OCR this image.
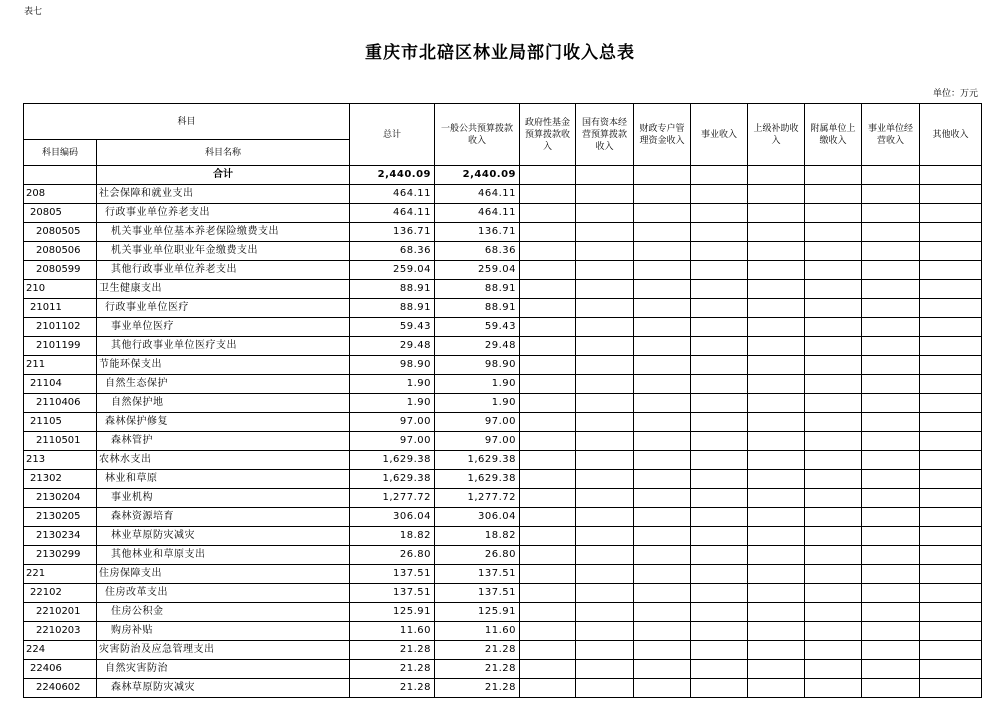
表七
重庆市北碚区林业局部门收入总表
单位：万元
科目		总计	一般公共预算拨款收入	政府性基金预算拨款收入	国有资本经营预算拨款收入	财政专户管理资金收入	事业收入	上级补助收入	附属单位上缴收入	事业单位经营收入	其他收入
科目编码	科目名称										
	合计	2,440.09	2,440.09								
208	社会保障和就业支出	464.11	464.11								
20805	行政事业单位养老支出	464.11	464.11								
2080505	机关事业单位基本养老保险缴费支出	136.71	136.71								
2080506	机关事业单位职业年金缴费支出	68.36	68.36								
2080599	其他行政事业单位养老支出	259.04	259.04								
210	卫生健康支出	88.91	88.91								
21011	行政事业单位医疗	88.91	88.91								
2101102	事业单位医疗	59.43	59.43								
2101199	其他行政事业单位医疗支出	29.48	29.48								
211	节能环保支出	98.90	98.90								
21104	自然生态保护	1.90	1.90								
2110406	自然保护地	1.90	1.90								
21105	森林保护修复	97.00	97.00								
2110501	森林管护	97.00	97.00								
213	农林水支出	1,629.38	1,629.38								
21302	林业和草原	1,629.38	1,629.38								
2130204	事业机构	1,277.72	1,277.72								
2130205	森林资源培育	306.04	306.04								
2130234	林业草原防灾减灾	18.82	18.82								
2130299	其他林业和草原支出	26.80	26.80								
221	住房保障支出	137.51	137.51								
22102	住房改革支出	137.51	137.51								
2210201	住房公积金	125.91	125.91								
2210203	购房补贴	11.60	11.60								
224	灾害防治及应急管理支出	21.28	21.28								
22406	自然灾害防治	21.28	21.28								
2240602	森林草原防灾减灾	21.28	21.28								
